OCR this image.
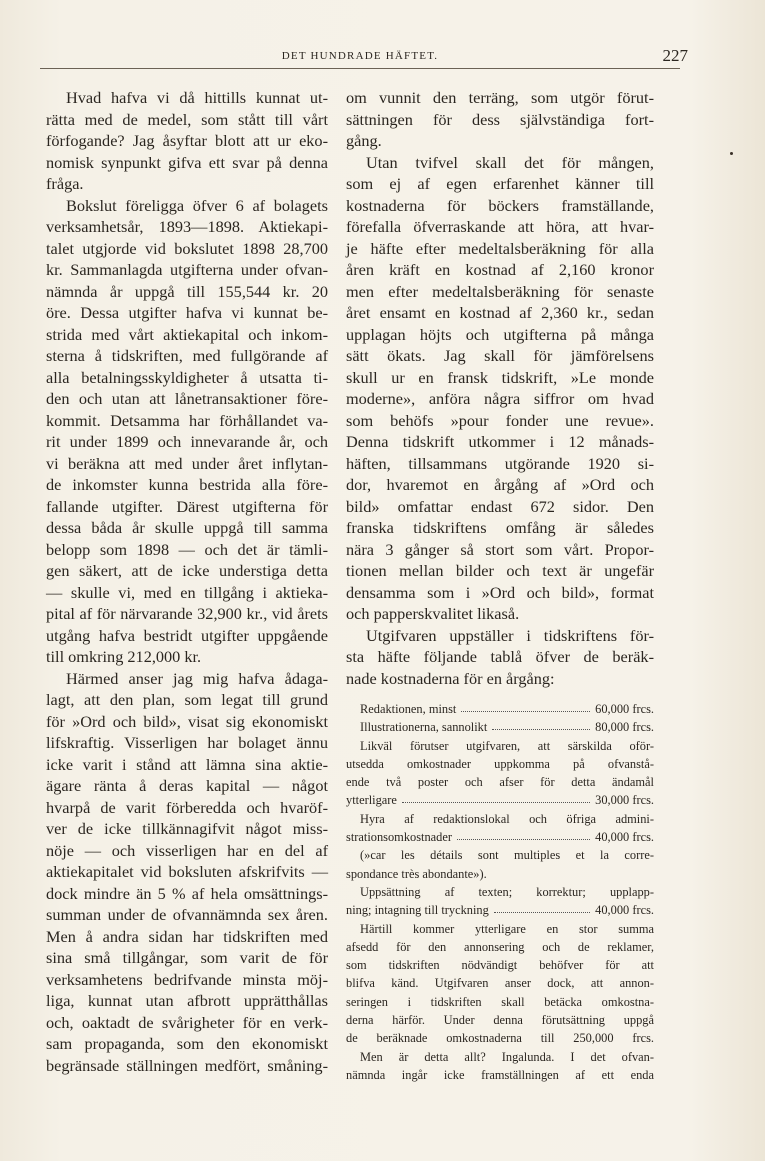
DET HUNDRADE HÄFTET.	227
Hvad hafva vi då hittills kunnat ut-
rätta med de medel, som stått till vårt
förfogande? Jag åsyftar blott att ur eko-
nomisk synpunkt gifva ett svar på denna
fråga.
Bokslut föreligga öfver 6 af bolagets
verksamhetsår, 1893—1898. Aktiekapi-
talet utgjorde vid bokslutet 1898 28,700
kr. Sammanlagda utgifterna under ofvan-
nämnda år uppgå till 155,544 kr. 20
öre. Dessa utgifter hafva vi kunnat be-
strida med vårt aktiekapital och inkom-
sterna å tidskriften, med fullgörande af
alla betalningsskyldigheter å utsatta ti-
den och utan att lånetransaktioner före-
kommit. Detsamma har förhållandet va-
rit under 1899 och innevarande år, och
vi beräkna att med under året inflytan-
de inkomster kunna bestrida alla före-
fallande utgifter. Därest utgifterna för
dessa båda år skulle uppgå till samma
belopp som 1898 — och det är tämli-
gen säkert, att de icke understiga detta
— skulle vi, med en tillgång i aktieka-
pital af för närvarande 32,900 kr., vid årets
utgång hafva bestridt utgifter uppgående
till omkring 212,000 kr.
Härmed anser jag mig hafva ådaga-
lagt, att den plan, som legat till grund
för »Ord och bild», visat sig ekonomiskt
lifskraftig. Visserligen har bolaget ännu
icke varit i stånd att lämna sina aktie-
ägare ränta å deras kapital — något
hvarpå de varit förberedda och hvaröf-
ver de icke tillkännagifvit något miss-
nöje — och visserligen har en del af
aktiekapitalet vid boksluten afskrifvits —
dock mindre än 5 % af hela omsättnings-
summan under de ofvannämnda sex åren.
Men å andra sidan har tidskriften med
sina små tillgångar, som varit de för
verksamhetens bedrifvande minsta möj-
liga, kunnat utan afbrott upprätthållas
och, oaktadt de svårigheter för en verk-
sam propaganda, som den ekonomiskt
begränsade ställningen medfört, småning-
om vunnit den terräng, som utgör förut-
sättningen för dess självständiga fort-
gång.
Utan tvifvel skall det för mången,
som ej af egen erfarenhet känner till
kostnaderna för böckers framställande,
förefalla öfverraskande att höra, att hvar-
je häfte efter medeltalsberäkning för alla
åren kräft en kostnad af 2,160 kronor
men efter medeltalsberäkning för senaste
året ensamt en kostnad af 2,360 kr., sedan
upplagan höjts och utgifterna på många
sätt ökats. Jag skall för jämförelsens
skull ur en fransk tidskrift, »Le monde
moderne», anföra några siffror om hvad
som behöfs »pour fonder une revue».
Denna tidskrift utkommer i 12 månads-
häften, tillsammans utgörande 1920 si-
dor, hvaremot en årgång af »Ord och
bild» omfattar endast 672 sidor. Den
franska tidskriftens omfång är således
nära 3 gånger så stort som vårt. Propor-
tionen mellan bilder och text är ungefär
densamma som i »Ord och bild», format
och papperskvalitet likaså.
Utgifvaren uppställer i tidskriftens för-
sta häfte följande tablå öfver de beräk-
nade kostnaderna för en årgång:
Redaktionen, minst	60,000 frcs.
Illustrationerna, sannolikt	80,000 frcs.
Likväl förutser utgifvaren, att särskilda oför-
utsedda omkostnader uppkomma på ofvanstå-
ende två poster och afser för detta ändamål
ytterligare	30,000 frcs.
Hyra af redaktionslokal och öfriga admini-
strationsomkostnader	40,000 frcs.
(»car les détails sont multiples et la corre-
spondance très abondante»).
Uppsättning af texten; korrektur; upplapp-
ning; intagning till tryckning	40,000 frcs.
Härtill kommer ytterligare en stor summa
afsedd för den annonsering och de reklamer,
som tidskriften nödvändigt behöfver för att
blifva känd. Utgifvaren anser dock, att annon-
seringen i tidskriften skall betäcka omkostna-
derna härför. Under denna förutsättning uppgå
de beräknade omkostnaderna till 250,000 frcs.
Men är detta allt? Ingalunda. I det ofvan-
nämnda ingår icke framställningen af ett enda
